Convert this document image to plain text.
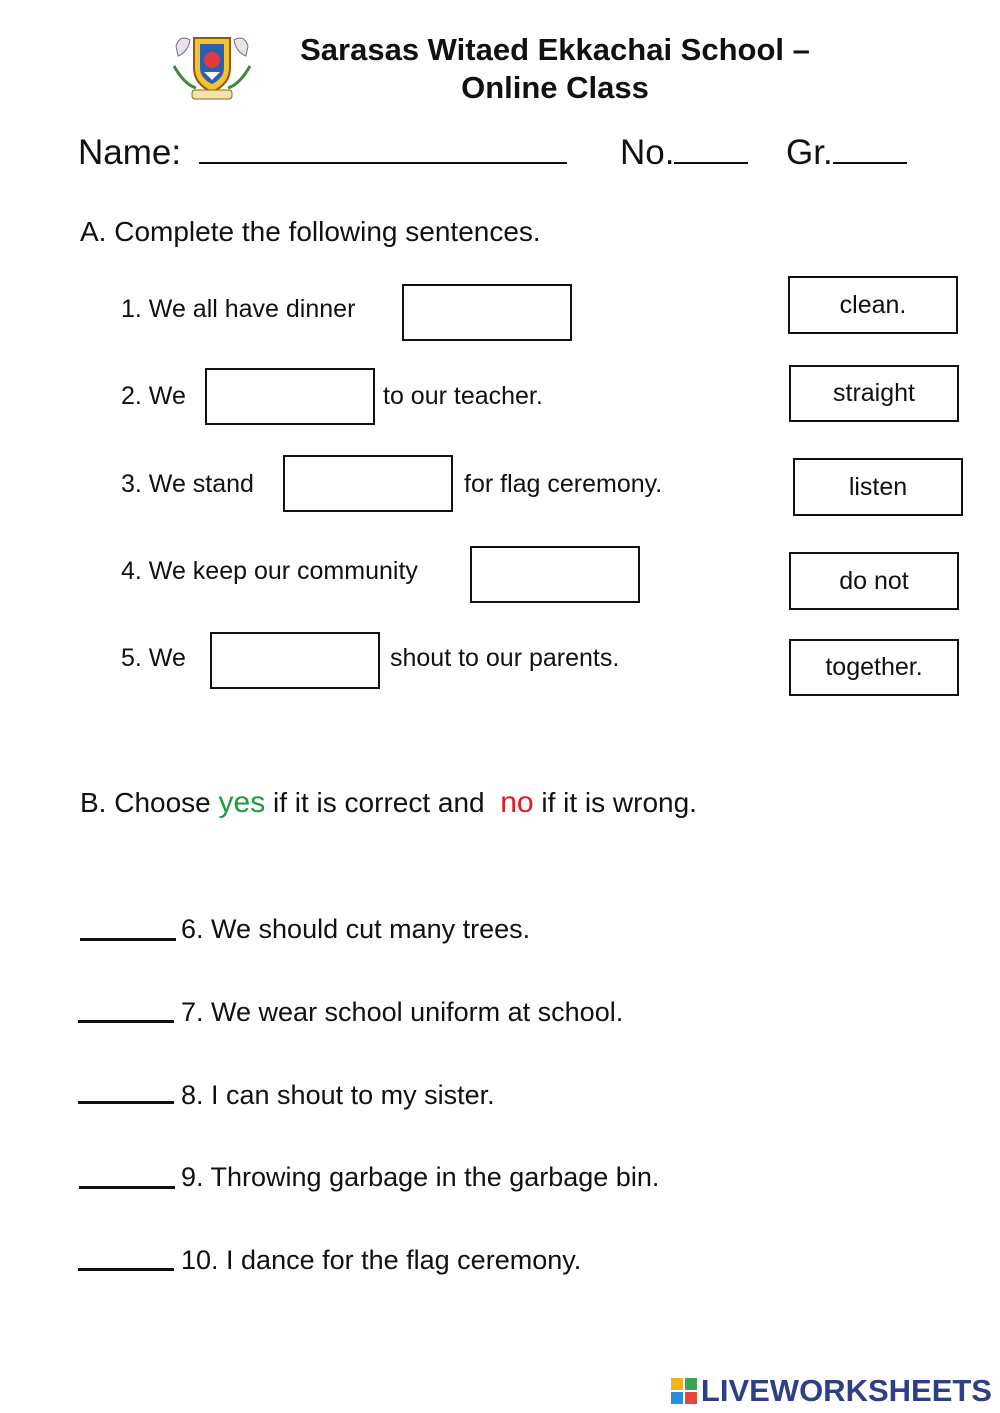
Sarasas Witaed Ekkachai School –
Online Class
Name:	No.	Gr.
A. Complete the following sentences.
1. We all have dinner
2. We	to our teacher.
3. We stand	for flag ceremony.
4. We keep our community
5. We	shout to our parents.
clean.
straight
listen
do not
together.
B. Choose yes if it is correct and no if it is wrong.
6. We should cut many trees.
7. We wear school uniform at school.
8. I can shout to my sister.
9. Throwing garbage in the garbage bin.
10. I dance for the flag ceremony.
LIVEWORKSHEETS
